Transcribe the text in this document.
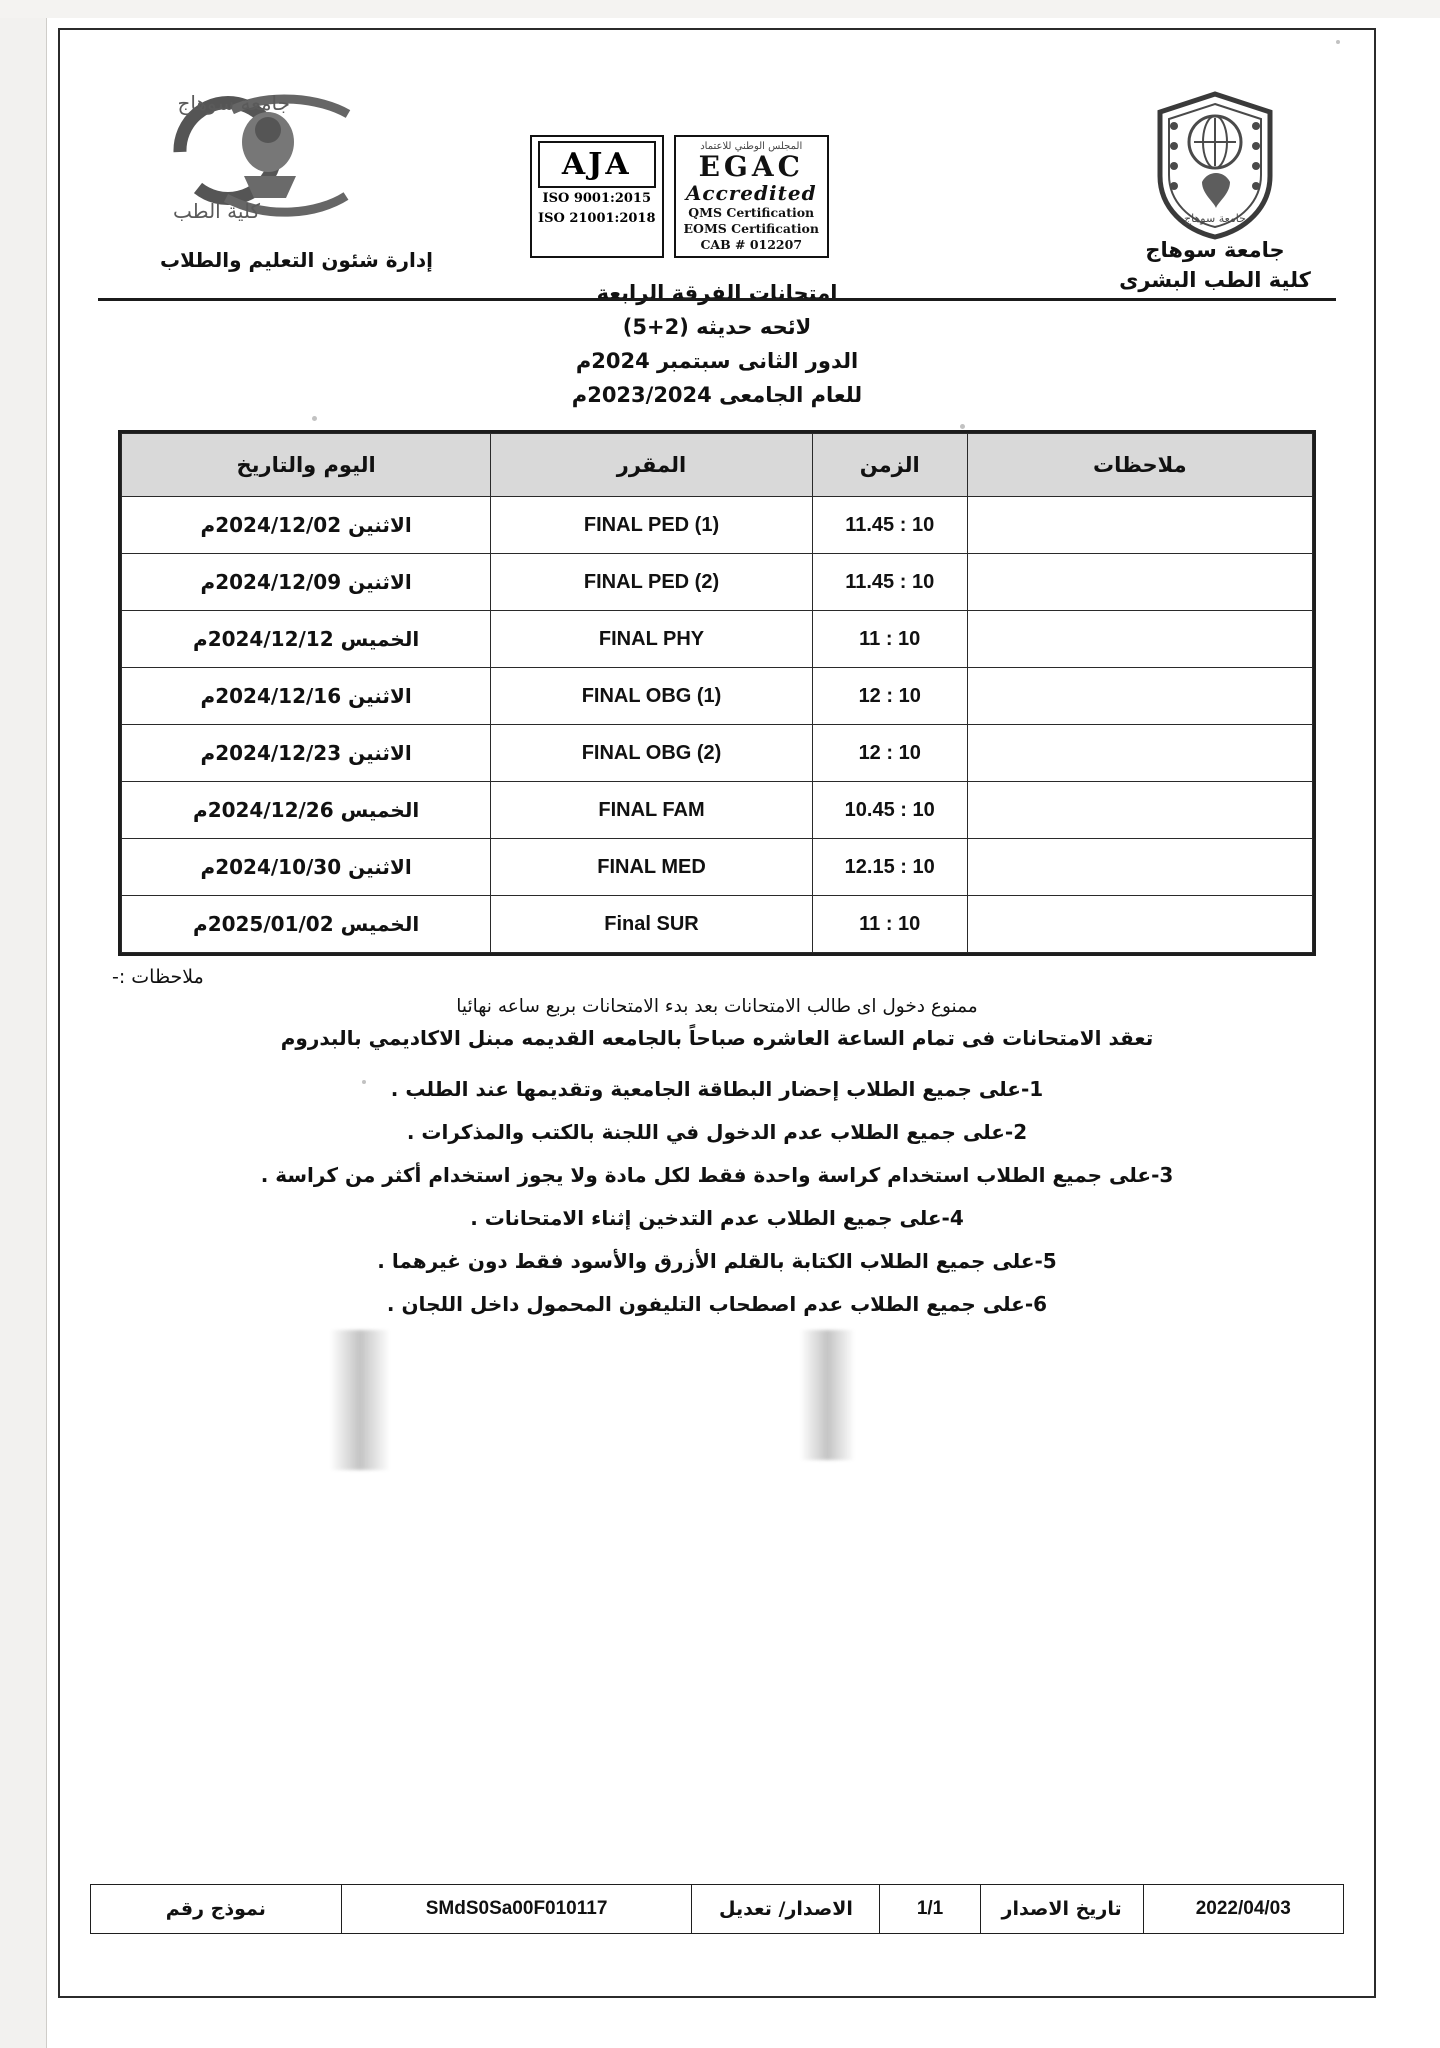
جامعة سوهاج
كلية الطب	جامعة سوهاج
المجلس الوطني للاعتماد
EGAC
Accredited
QMS Certification
EOMS Certification
CAB # 012207
AJA
ISO 9001:2015
ISO 21001:2018
جامعة سوهاج
كلية الطب البشرى
إدارة شئون التعليم والطلاب
امتحانات الفرقة الرابعة
لائحه حديثه (2+5)
الدور الثانى سبتمبر 2024م
للعام الجامعى 2023/2024م
ملاحظات	الزمن	المقرر	اليوم والتاريخ
	10 : 11.45	FINAL PED (1)	الاثنين 2024/12/02م
	10 : 11.45	FINAL PED (2)	الاثنين 2024/12/09م
	10 : 11	FINAL PHY	الخميس 2024/12/12م
	10 : 12	FINAL OBG (1)	الاثنين 2024/12/16م
	10 : 12	FINAL OBG (2)	الاثنين 2024/12/23م
	10 : 10.45	FINAL FAM	الخميس 2024/12/26م
	10 : 12.15	FINAL MED	الاثنين 2024/10/30م
	10 : 11	Final SUR	الخميس 2025/01/02م
ملاحظات :-
ممنوع دخول اى طالب الامتحانات بعد بدء الامتحانات بربع ساعه نهائيا
تعقد الامتحانات فى تمام الساعة العاشره صباحاً بالجامعه القديمه مبنل الاكاديمي بالبدروم
1-على جميع الطلاب إحضار البطاقة الجامعية وتقديمها عند الطلب .
2-على جميع الطلاب عدم الدخول في اللجنة بالكتب والمذكرات .
3-على جميع الطلاب استخدام كراسة واحدة فقط لكل مادة ولا يجوز استخدام أكثر من كراسة .
4-على جميع الطلاب عدم التدخين إثناء الامتحانات .
5-على جميع الطلاب الكتابة بالقلم الأزرق والأسود فقط دون غيرهما .
6-على جميع الطلاب عدم اصطحاب التليفون المحمول داخل اللجان .
2022/04/03	تاريخ الاصدار	1/1	الاصدار/ تعديل	SMdS0Sa00F010117	نموذج رقم
